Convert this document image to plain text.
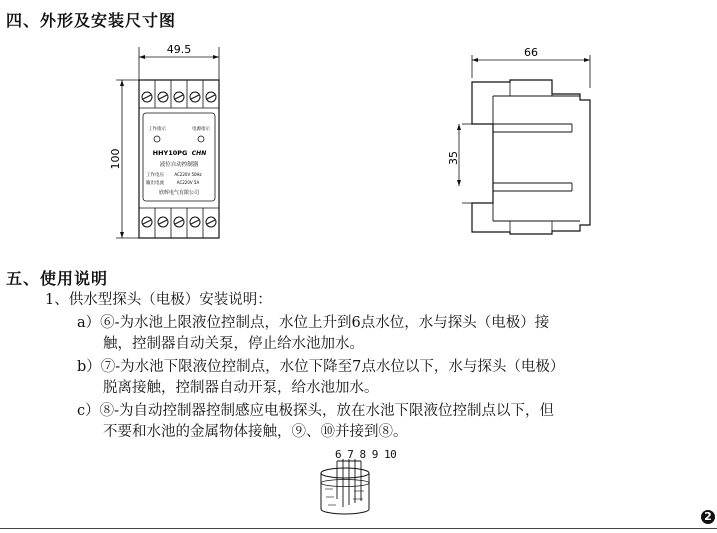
四、外形及安装尺寸图
49.5
100
工作指示	电源指示
HHY10PG CHN
液位自动控制器
工作电压	AC220V 50Hz
输出电流	AC220V 5A
欣辉电气有限公司
66
35
五、使用说明
1、供水型探头（电极）安装说明：
a）⑥-为水池上限液位控制点，水位上升到6点水位，水与探头（电极）接
触，控制器自动关泵，停止给水池加水。
b）⑦-为水池下限液位控制点，水位下降至7点水位以下，水与探头（电极）
脱离接触，控制器自动开泵，给水池加水。
c）⑧-为自动控制器控制感应电极探头，放在水池下限液位控制点以下，但
不要和水池的金属物体接触，⑨、⑩并接到⑧。
6 7 8 9 10
2
